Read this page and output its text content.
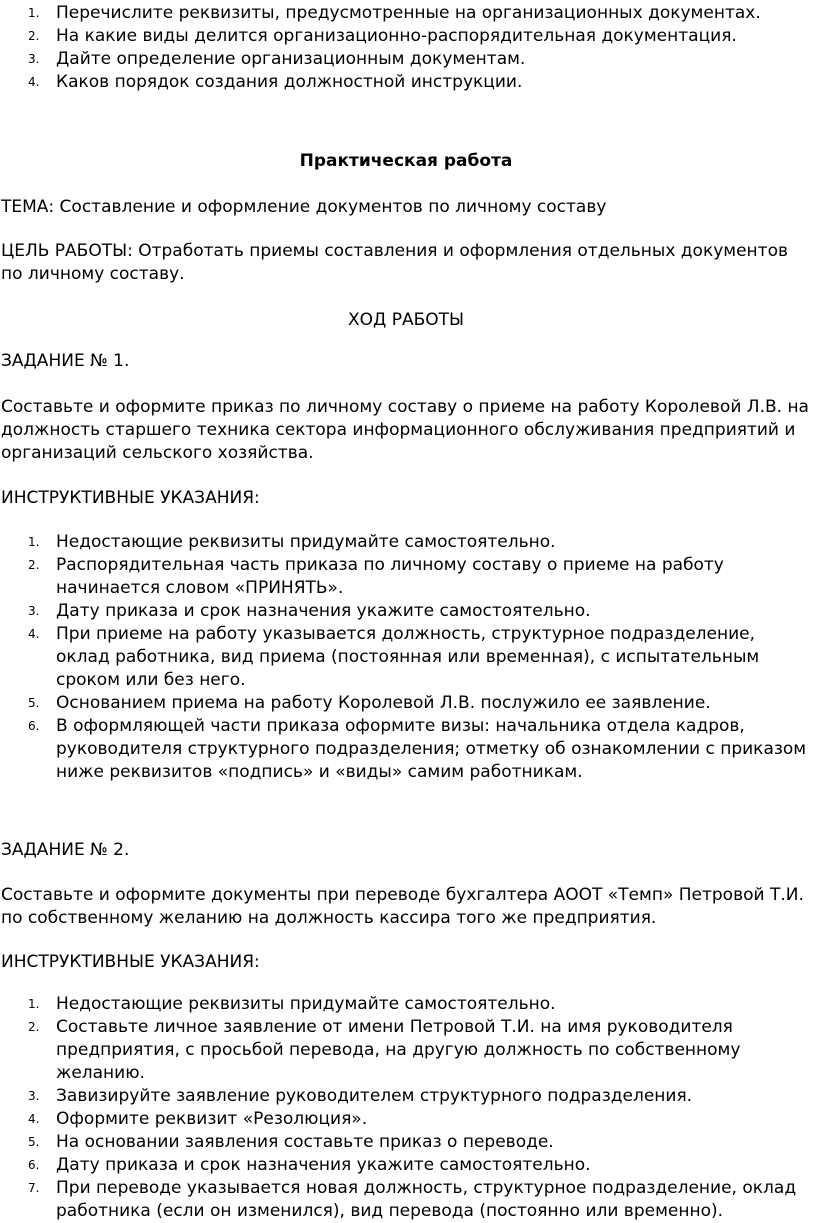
1. Перечислите реквизиты, предусмотренные на организационных документах.
2. На какие виды делится организационно-распорядительная документация.
3. Дайте определение организационным документам.
4. Каков порядок создания должностной инструкции.

Практическая работа

ТЕМА: Составление и оформление документов по личному составу

ЦЕЛЬ РАБОТЫ: Отработать приемы составления и оформления отдельных документов по личному составу.

ХОД РАБОТЫ

ЗАДАНИЕ № 1.

Составьте и оформите приказ по личному составу о приеме на работу Королевой Л.В. на должность старшего техника сектора информационного обслуживания предприятий и организаций сельского хозяйства.

ИНСТРУКТИВНЫЕ УКАЗАНИЯ:

1. Недостающие реквизиты придумайте самостоятельно.
2. Распорядительная часть приказа по личному составу о приеме на работу начинается словом «ПРИНЯТЬ».
3. Дату приказа и срок назначения укажите самостоятельно.
4. При приеме на работу указывается должность, структурное подразделение, оклад работника, вид приема (постоянная или временная), с испытательным сроком или без него.
5. Основанием приема на работу Королевой Л.В. послужило ее заявление.
6. В оформляющей части приказа оформите визы: начальника отдела кадров, руководителя структурного подразделения; отметку об ознакомлении с приказом ниже реквизитов «подпись» и «виды» самим работникам.

ЗАДАНИЕ № 2.

Составьте и оформите документы при переводе бухгалтера АООТ «Темп» Петровой Т.И. по собственному желанию на должность кассира того же предприятия.

ИНСТРУКТИВНЫЕ УКАЗАНИЯ:

1. Недостающие реквизиты придумайте самостоятельно.
2. Составьте личное заявление от имени Петровой Т.И. на имя руководителя предприятия, с просьбой перевода, на другую должность по собственному желанию.
3. Завизируйте заявление руководителем структурного подразделения.
4. Оформите реквизит «Резолюция».
5. На основании заявления составьте приказ о переводе.
6. Дату приказа и срок назначения укажите самостоятельно.
7. При переводе указывается новая должность, структурное подразделение, оклад работника (если он изменился), вид перевода (постоянно или временно).
